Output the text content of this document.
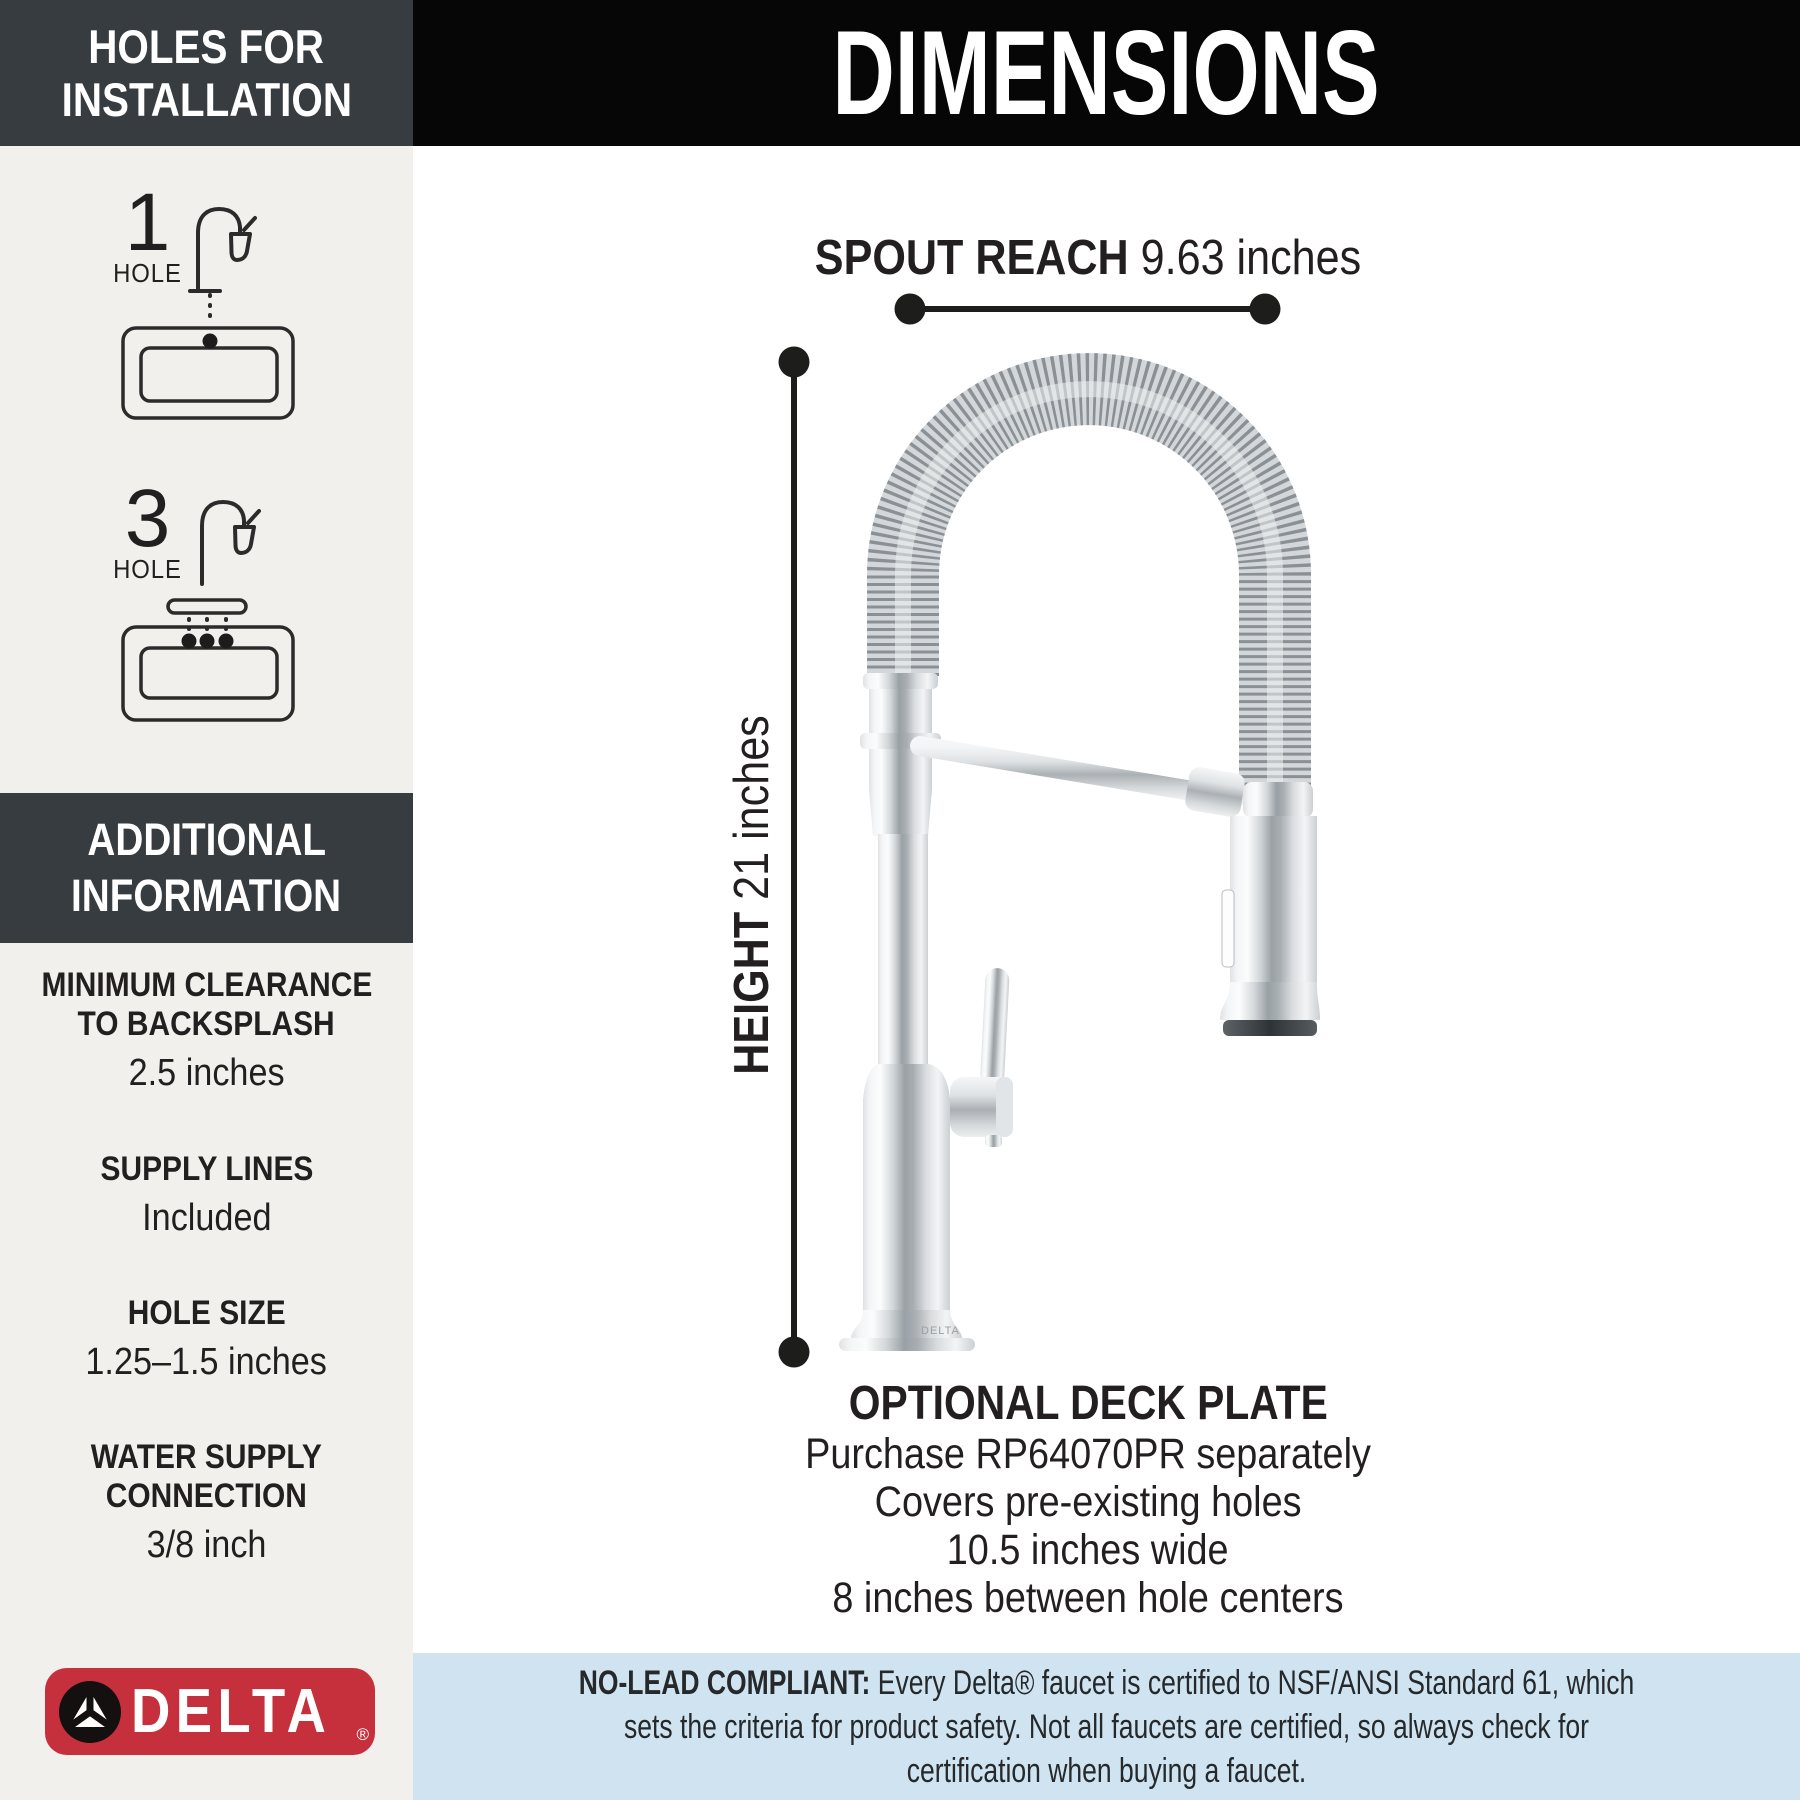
HOLES FOR
INSTALLATION
1
HOLE
3
HOLE
ADDITIONAL
INFORMATION
MINIMUM CLEARANCE
TO BACKSPLASH
2.5 inches
SUPPLY LINES
Included
HOLE SIZE
1.25–1.5 inches
WATER SUPPLY
CONNECTION
3/8 inch
DELTA ®
DIMENSIONS
DELTA
SPOUT REACH 9.63 inches
HEIGHT 21 inches
OPTIONAL DECK PLATE
Purchase RP64070PR separately
Covers pre-existing holes
10.5 inches wide
8 inches between hole centers

NO-LEAD COMPLIANT: Every Delta® faucet is certified to NSF/ANSI Standard 61, which sets the criteria for product safety. Not all faucets are certified, so always check for certification when buying a faucet.
